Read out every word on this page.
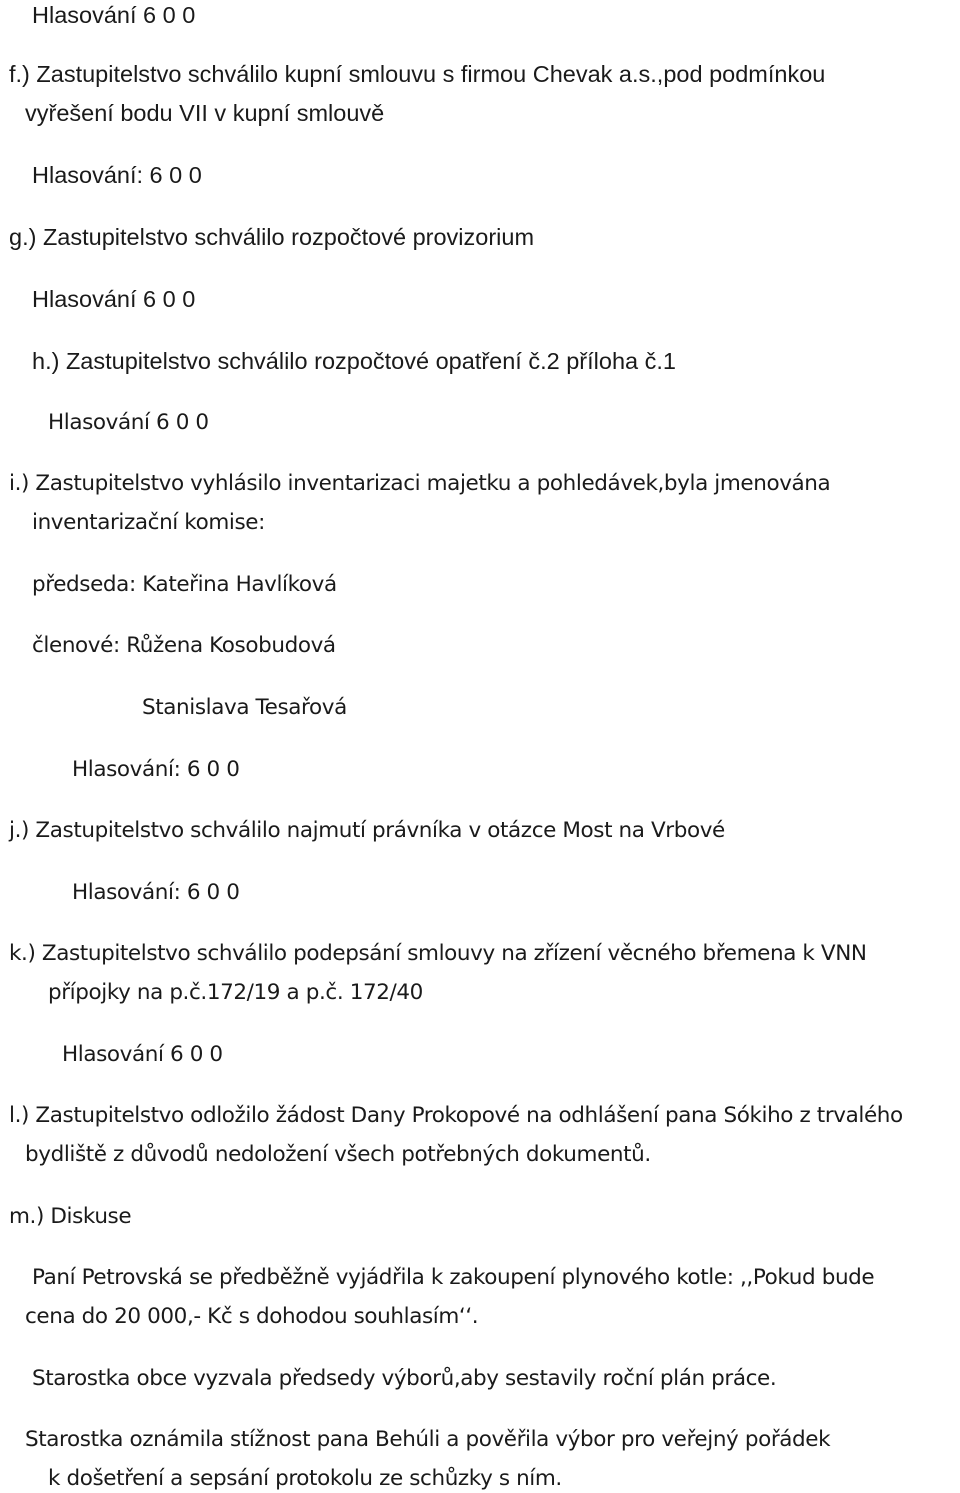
Hlasování 6 0 0
f.) Zastupitelstvo schválilo kupní smlouvu s firmou Chevak a.s.,pod podmínkou
vyřešení bodu VII v kupní smlouvě
Hlasování: 6 0 0
g.) Zastupitelstvo schválilo rozpočtové provizorium
Hlasování 6 0 0
h.) Zastupitelstvo schválilo rozpočtové opatření č.2 příloha č.1
Hlasování 6 0 0
i.) Zastupitelstvo vyhlásilo inventarizaci majetku a pohledávek,byla jmenována
inventarizační komise:
předseda: Kateřina Havlíková
členové: Růžena Kosobudová
Stanislava Tesařová
Hlasování: 6 0 0
j.) Zastupitelstvo schválilo najmutí právníka v otázce Most na Vrbové
Hlasování: 6 0 0
k.) Zastupitelstvo schválilo podepsání smlouvy na zřízení věcného břemena k VNN
přípojky na p.č.172/19 a p.č. 172/40
Hlasování 6 0 0
l.) Zastupitelstvo odložilo žádost Dany Prokopové na odhlášení pana Sókiho z trvalého
bydliště z důvodů nedoložení všech potřebných dokumentů.
m.) Diskuse
Paní Petrovská se předběžně vyjádřila k zakoupení plynového kotle: ,,Pokud bude
cena do 20 000,- Kč s dohodou souhlasím‘‘.
Starostka obce vyzvala předsedy výborů,aby sestavily roční plán práce.
Starostka oznámila stížnost pana Behúli a pověřila výbor pro veřejný pořádek
k došetření a sepsání protokolu ze schůzky s ním.
